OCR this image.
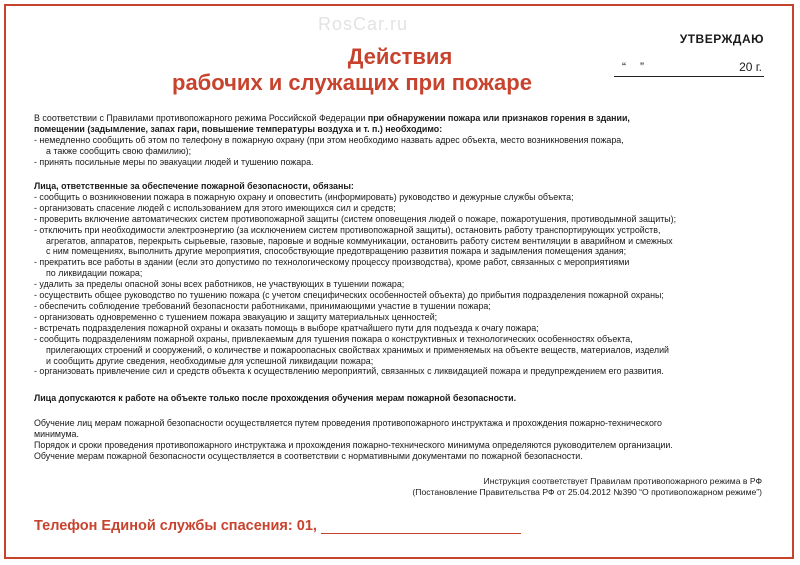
RosCar.ru
УТВЕРЖДАЮ
“ ”	20 г.
Действия
рабочих и служащих при пожаре
В соответствии с Правилами противопожарного режима Российской Федерации при обнаружении пожара или признаков горения в здании,
помещении (задымление, запах гари, повышение температуры воздуха и т. п.) необходимо:
- немедленно сообщить об этом по телефону в пожарную охрану (при этом необходимо назвать адрес объекта, место возникновения пожара,
а также сообщить свою фамилию);
- принять посильные меры по эвакуации людей и тушению пожара.
Лица, ответственные за обеспечение пожарной безопасности, обязаны:
- сообщить о возникновении пожара в пожарную охрану и оповестить (информировать) руководство и дежурные службы объекта;
- организовать спасение людей с использованием для этого имеющихся сил и средств;
- проверить включение автоматических систем противопожарной защиты (систем оповещения людей о пожаре, пожаротушения, противодымной защиты);
- отключить при необходимости электроэнергию (за исключением систем противопожарной защиты), остановить работу транспортирующих устройств,
агрегатов, аппаратов, перекрыть сырьевые, газовые, паровые и водные коммуникации, остановить работу систем вентиляции в аварийном и смежных
с ним помещениях, выполнить другие мероприятия, способствующие предотвращению развития пожара и задымления помещения здания;
- прекратить все работы в здании (если это допустимо по технологическому процессу производства), кроме работ, связанных с мероприятиями
по ликвидации пожара;
- удалить за пределы опасной зоны всех работников, не участвующих в тушении пожара;
- осуществить общее руководство по тушению пожара (с учетом специфических особенностей объекта) до прибытия подразделения пожарной охраны;
- обеспечить соблюдение требований безопасности работниками, принимающими участие в тушении пожара;
- организовать одновременно с тушением пожара эвакуацию и защиту материальных ценностей;
- встречать подразделения пожарной охраны и оказать помощь в выборе кратчайшего пути для подъезда к очагу пожара;
- сообщить подразделениям пожарной охраны, привлекаемым для тушения пожара о конструктивных и технологических особенностях объекта,
прилегающих строений и сооружений, о количестве и пожароопасных свойствах хранимых и применяемых на объекте веществ, материалов, изделий
и сообщить другие сведения, необходимые для успешной ликвидации пожара;
- организовать привлечение сил и средств объекта к осуществлению мероприятий, связанных с ликвидацией пожара и предупреждением его развития.
Лица допускаются к работе на объекте только после прохождения обучения мерам пожарной безопасности.
Обучение лиц мерам пожарной безопасности осуществляется путем проведения противопожарного инструктажа и прохождения пожарно-технического
минимума.
Порядок и сроки проведения противопожарного инструктажа и прохождения пожарно-технического минимума определяются руководителем организации.
Обучение мерам пожарной безопасности осуществляется в соответствии с нормативными документами по пожарной безопасности.
Инструкция соответствует Правилам противопожарного режима в РФ
(Постановление Правительства РФ от 25.04.2012 №390 “О противопожарном режиме”)
Телефон Единой службы спасения: 01,
